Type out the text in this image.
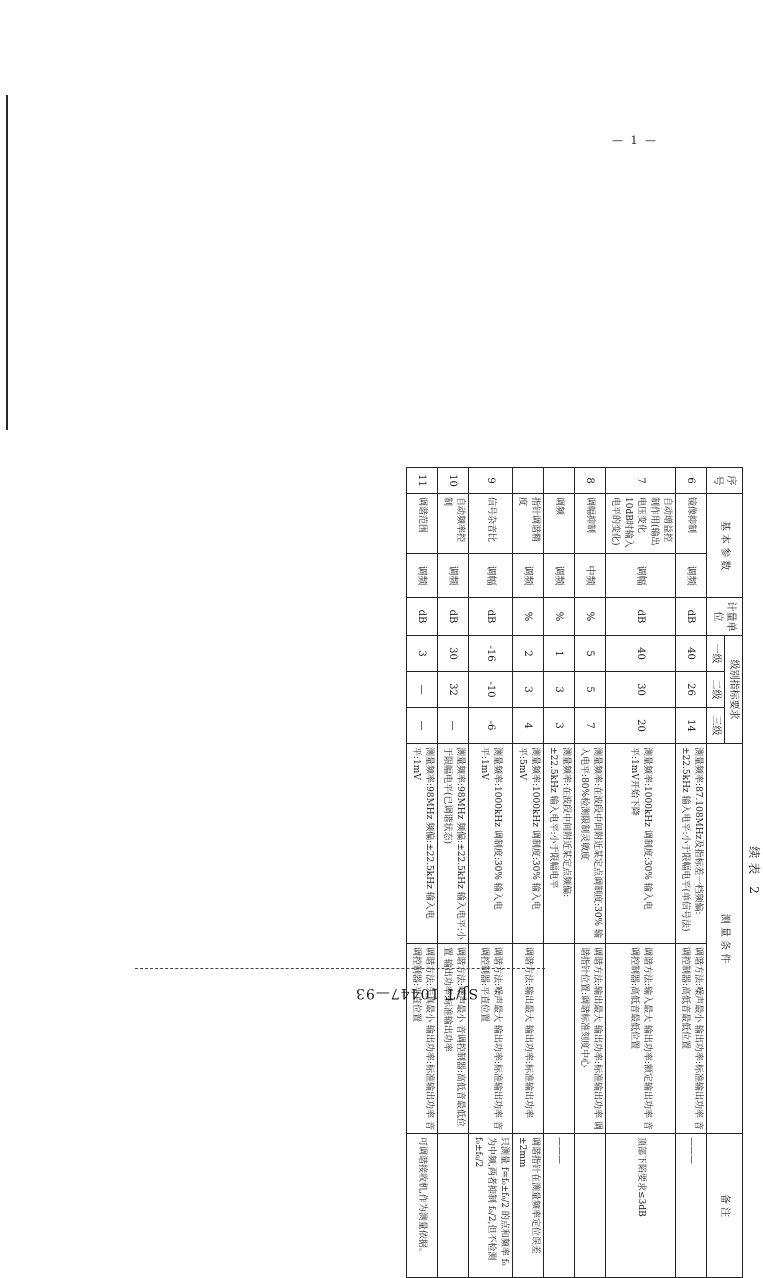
— 1 —
续表 2
序号	基 本 参 数		计量单位	级别指标要求			测 量 条 件		备 注
				一级	二级	三级			
6	镜像抑制	调频	dB	40	26	14	测量频率:87.108MHz及指标差一档频偏:±22.5kHz 输入电平:小于限幅电平(单信号法)	调谐方法:噪声最小 输出功率:标准输出功率 音调控制器:高低音最低位置	———
7	自动增益控制作用(输出电压变化10dB时输入电平的变化)	调幅	dB	40	30	20	测量频率:1000kHz 调制度:30% 输入电平:1mV开始下降	调谐方法:输入最大 输出功率:额定输出功率 音调控制器:高低音最低位置	顶部下陷要求≤3dB
8	调幅抑制	中频	%	5	5	7	测量频率:在波段中间附近某定点调制度:30% 输入电平:80%检测限制灵敏度	调谐方法:输出最大 输出功率:标准输出功率 调谐指针位置:调谐标准刻度中心	
	调频	调频	%	1	3	3	测量频率:在波段中间附近某定点频偏:±22.5kHz 输入电平:小于限幅电平		———
	指针调谐精度	调频	%	2	3	4	测量频率:1000kHz 调制度:30% 输入电平:5mV	调谐方法:输出最大 输出功率:标准输出功率	调谐指针在测量频率定位误差±2mm
9	信号杂音比	调幅	dB	-16	-10	-6	测量频率:1000kHz 调制度:30% 输入电平:1mV	调谐方法:噪声最大 输出功率:标准输出功率 音调控制器:平直位置	只测量 f=f₀±f₀/2 的点和频率 f₀ 为中频,两者抑制 f₀/2,但不检测 f₀±f₀/2
10	自动频率控制	调频	dB	30	32	—	测量频率:98MHz 频偏:±22.5kHz 输入电平:小于限幅电平(已调谐状态)	调谐方法:噪声最小 音调控制器:高低音最低位置 输出功率:标准输出功率	
11	调谐范围	调频	dB	3	—	—	测量频率:98MHz 频偏:±22.5kHz 输入电平:1mV	调谐方法:失真最小 输出功率:标准输出功率 音调控制器:平直位置	可调谐接收机,作为测量依据。
SJ/T 10447—93
